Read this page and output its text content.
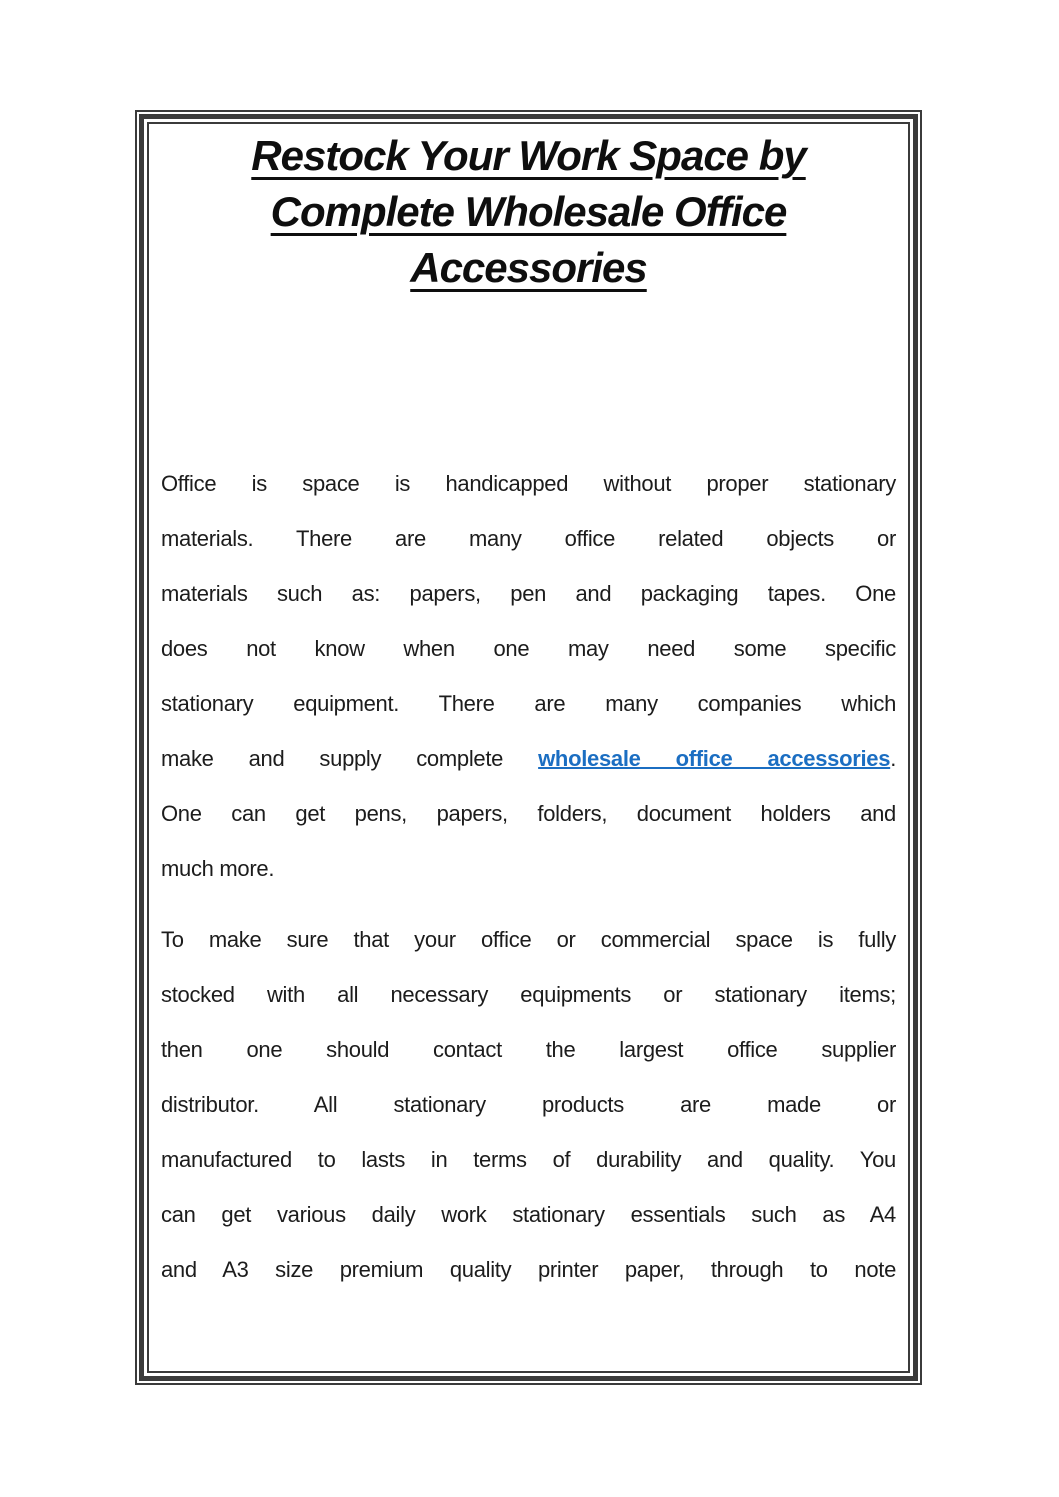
Restock Your Work Space by
Complete Wholesale Office
Accessories
Office is space is handicapped without proper stationary
materials. There are many office related objects or
materials such as: papers, pen and packaging tapes. One
does not know when one may need some specific
stationary equipment. There are many companies which
make and supply complete wholesale office accessories.
One can get pens, papers, folders, document holders and
much more.
To make sure that your office or commercial space is fully
stocked with all necessary equipments or stationary items;
then one should contact the largest office supplier
distributor. All stationary products are made or
manufactured to lasts in terms of durability and quality. You
can get various daily work stationary essentials such as A4
and A3 size premium quality printer paper, through to note
